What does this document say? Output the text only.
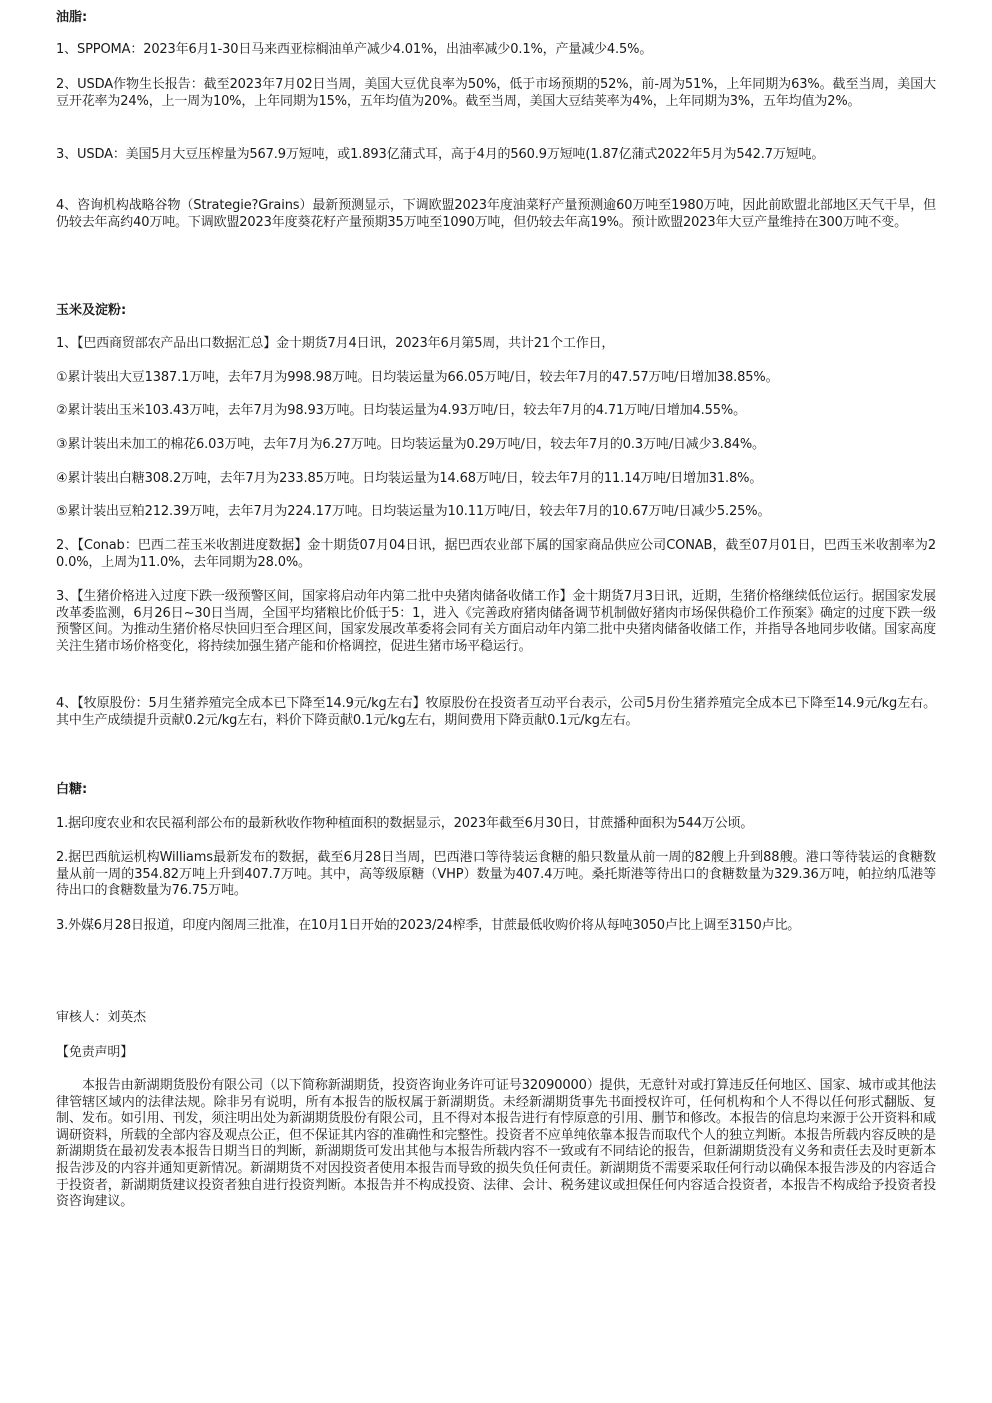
油脂:

1、SPPOMA：2023年6月1-30日马来西亚棕榈油单产减少4.01%，出油率减少0.1%，产量减少4.5%。

2、USDA作物生长报告：截至2023年7月02日当周，美国大豆优良率为50%，低于市场预期的52%，前-周为51%，上年同期为63%。截至当周，美国大豆开花率为24%，上一周为10%，上年同期为15%，五年均值为20%。截至当周，美国大豆结荚率为4%，上年同期为3%，五年均值为2%。

3、USDA：美国5月大豆压榨量为567.9万短吨，或1.893亿蒲式耳，高于4月的560.9万短吨(1.87亿蒲式2022年5月为542.7万短吨。

4、咨询机构战略谷物（Strategie?Grains）最新预测显示，下调欧盟2023年度油菜籽产量预测逾60万吨至1980万吨，因此前欧盟北部地区天气干旱，但仍较去年高约40万吨。下调欧盟2023年度葵花籽产量预期35万吨至1090万吨，但仍较去年高19%。预计欧盟2023年大豆产量维持在300万吨不变。

玉米及淀粉:

1、【巴西商贸部农产品出口数据汇总】金十期货7月4日讯，2023年6月第5周，共计21个工作日，

①累计装出大豆1387.1万吨，去年7月为998.98万吨。日均装运量为66.05万吨/日，较去年7月的47.57万吨/日增加38.85%。

②累计装出玉米103.43万吨，去年7月为98.93万吨。日均装运量为4.93万吨/日，较去年7月的4.71万吨/日增加4.55%。

③累计装出未加工的棉花6.03万吨，去年7月为6.27万吨。日均装运量为0.29万吨/日，较去年7月的0.3万吨/日减少3.84%。

④累计装出白糖308.2万吨，去年7月为233.85万吨。日均装运量为14.68万吨/日，较去年7月的11.14万吨/日增加31.8%。

⑤累计装出豆粕212.39万吨，去年7月为224.17万吨。日均装运量为10.11万吨/日，较去年7月的10.67万吨/日减少5.25%。

2、【Conab：巴西二茬玉米收割进度数据】金十期货07月04日讯，据巴西农业部下属的国家商品供应公司CONAB，截至07月01日，巴西玉米收割率为20.0%，上周为11.0%，去年同期为28.0%。

3、【生猪价格进入过度下跌一级预警区间，国家将启动年内第二批中央猪肉储备收储工作】金十期货7月3日讯，近期，生猪价格继续低位运行。据国家发展改革委监测，6月26日~30日当周，全国平均猪粮比价低于5：1，进入《完善政府猪肉储备调节机制做好猪肉市场保供稳价工作预案》确定的过度下跌一级预警区间。为推动生猪价格尽快回归至合理区间，国家发展改革委将会同有关方面启动年内第二批中央猪肉储备收储工作，并指导各地同步收储。国家高度关注生猪市场价格变化，将持续加强生猪产能和价格调控，促进生猪市场平稳运行。

4、【牧原股份：5月生猪养殖完全成本已下降至14.9元/kg左右】牧原股份在投资者互动平台表示，公司5月份生猪养殖完全成本已下降至14.9元/kg左右。其中生产成绩提升贡献0.2元/kg左右，料价下降贡献0.1元/kg左右，期间费用下降贡献0.1元/kg左右。

白糖:

1.据印度农业和农民福利部公布的最新秋收作物种植面积的数据显示，2023年截至6月30日，甘蔗播种面积为544万公顷。

2.据巴西航运机构Williams最新发布的数据，截至6月28日当周，巴西港口等待装运食糖的船只数量从前一周的82艘上升到88艘。港口等待装运的食糖数量从前一周的354.82万吨上升到407.7万吨。其中，高等级原糖（VHP）数量为407.4万吨。桑托斯港等待出口的食糖数量为329.36万吨，帕拉纳瓜港等待出口的食糖数量为76.75万吨。

3.外媒6月28日报道，印度内阁周三批准，在10月1日开始的2023/24榨季，甘蔗最低收购价将从每吨3050卢比上调至3150卢比。

审核人：刘英杰

【免责声明】

本报告由新湖期货股份有限公司（以下简称新湖期货，投资咨询业务许可证号32090000）提供，无意针对或打算违反任何地区、国家、城市或其他法律管辖区域内的法律法规。除非另有说明，所有本报告的版权属于新湖期货。未经新湖期货事先书面授权许可，任何机构和个人不得以任何形式翻版、复制、发布。如引用、刊发，须注明出处为新湖期货股份有限公司，且不得对本报告进行有悖原意的引用、删节和修改。本报告的信息均来源于公开资料和咸调研资料，所载的全部内容及观点公正，但不保证其内容的准确性和完整性。投资者不应单纯依靠本报告而取代个人的独立判断。本报告所载内容反映的是新湖期货在最初发表本报告日期当日的判断，新湖期货可发出其他与本报告所载内容不一致或有不同结论的报告，但新湖期货没有义务和责任去及时更新本报告涉及的内容并通知更新情况。新湖期货不对因投资者使用本报告而导致的损失负任何责任。新湖期货不需要采取任何行动以确保本报告涉及的内容适合于投资者，新湖期货建议投资者独自进行投资判断。本报告并不构成投资、法律、会计、税务建议或担保任何内容适合投资者，本报告不构成给予投资者投资咨询建议。
